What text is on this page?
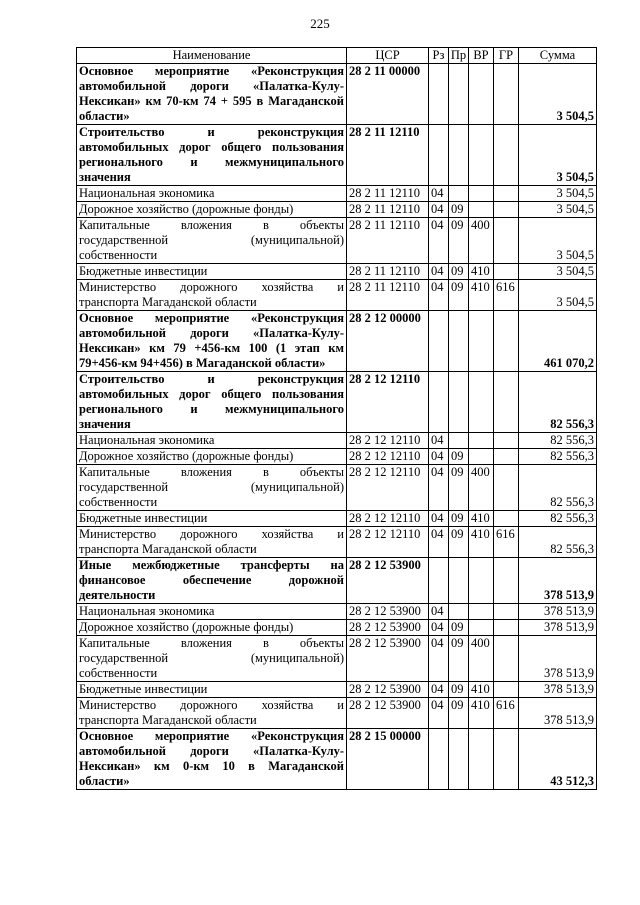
225
Наименование	ЦСР	Рз	Пр	ВР	ГР	Сумма
Основное мероприятие «Реконструкция автомобильной дороги «Палатка-Кулу-Нексикан» км 70-км 74 + 595 в Магаданской области»	28 2 11 00000					3 504,5
Строительство и реконструкция автомобильных дорог общего пользования регионального и межмуниципального значения	28 2 11 12110					3 504,5
Национальная экономика	28 2 11 12110	04				3 504,5
Дорожное хозяйство (дорожные фонды)	28 2 11 12110	04	09			3 504,5
Капитальные вложения в объекты государственной (муниципальной) собственности	28 2 11 12110	04	09	400		3 504,5
Бюджетные инвестиции	28 2 11 12110	04	09	410		3 504,5
Министерство дорожного хозяйства и транспорта Магаданской области	28 2 11 12110	04	09	410	616	3 504,5
Основное мероприятие «Реконструкция автомобильной дороги «Палатка-Кулу-Нексикан» км 79 +456-км 100 (1 этап км 79+456-км 94+456) в Магаданской области»	28 2 12 00000					461 070,2
Строительство и реконструкция автомобильных дорог общего пользования регионального и межмуниципального значения	28 2 12 12110					82 556,3
Национальная экономика	28 2 12 12110	04				82 556,3
Дорожное хозяйство (дорожные фонды)	28 2 12 12110	04	09			82 556,3
Капитальные вложения в объекты государственной (муниципальной) собственности	28 2 12 12110	04	09	400		82 556,3
Бюджетные инвестиции	28 2 12 12110	04	09	410		82 556,3
Министерство дорожного хозяйства и транспорта Магаданской области	28 2 12 12110	04	09	410	616	82 556,3
Иные межбюджетные трансферты на финансовое обеспечение дорожной деятельности	28 2 12 53900					378 513,9
Национальная экономика	28 2 12 53900	04				378 513,9
Дорожное хозяйство (дорожные фонды)	28 2 12 53900	04	09			378 513,9
Капитальные вложения в объекты государственной (муниципальной) собственности	28 2 12 53900	04	09	400		378 513,9
Бюджетные инвестиции	28 2 12 53900	04	09	410		378 513,9
Министерство дорожного хозяйства и транспорта Магаданской области	28 2 12 53900	04	09	410	616	378 513,9
Основное мероприятие «Реконструкция автомобильной дороги «Палатка-Кулу-Нексикан» км 0-км 10 в Магаданской области»	28 2 15 00000					43 512,3
